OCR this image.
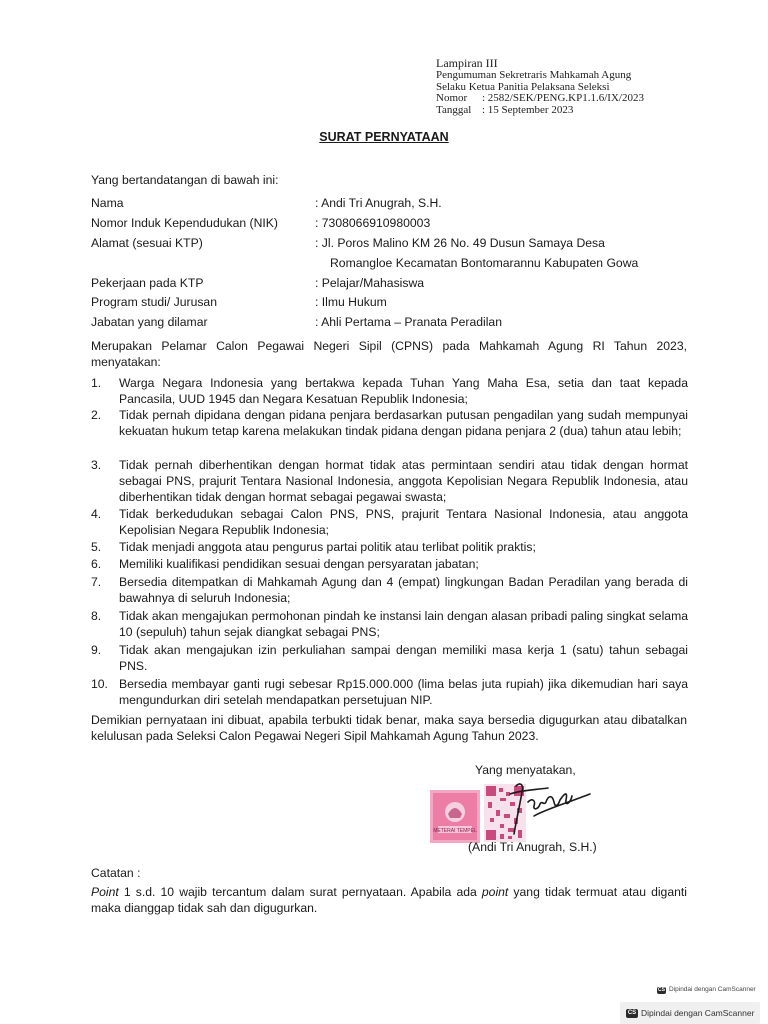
Lampiran III
Pengumuman Sekretraris Mahkamah Agung
Selaku Ketua Panitia Pelaksana Seleksi
Nomor	: 2582/SEK/PENG.KP1.1.6/IX/2023
Tanggal	: 15 September 2023
SURAT PERNYATAAN
Yang bertandatangan di bawah ini:
Nama	: Andi Tri Anugrah, S.H.
Nomor Induk Kependudukan (NIK)	: 7308066910980003
Alamat (sesuai KTP)	: Jl. Poros Malino KM 26 No. 49 Dusun Samaya Desa
Romangloe Kecamatan Bontomarannu Kabupaten Gowa
Pekerjaan pada KTP	: Pelajar/Mahasiswa
Program studi/ Jurusan	: Ilmu Hukum
Jabatan yang dilamar	: Ahli Pertama – Pranata Peradilan
Merupakan Pelamar Calon Pegawai Negeri Sipil (CPNS) pada Mahkamah Agung RI Tahun 2023, menyatakan:
1. Warga Negara Indonesia yang bertakwa kepada Tuhan Yang Maha Esa, setia dan taat kepada Pancasila, UUD 1945 dan Negara Kesatuan Republik Indonesia;
2. Tidak pernah dipidana dengan pidana penjara berdasarkan putusan pengadilan yang sudah mempunyai kekuatan hukum tetap karena melakukan tindak pidana dengan pidana penjara 2 (dua) tahun atau lebih;
3. Tidak pernah diberhentikan dengan hormat tidak atas permintaan sendiri atau tidak dengan hormat sebagai PNS, prajurit Tentara Nasional Indonesia, anggota Kepolisian Negara Republik Indonesia, atau diberhentikan tidak dengan hormat sebagai pegawai swasta;
4. Tidak berkedudukan sebagai Calon PNS, PNS, prajurit Tentara Nasional Indonesia, atau anggota Kepolisian Negara Republik Indonesia;
5. Tidak menjadi anggota atau pengurus partai politik atau terlibat politik praktis;
6. Memiliki kualifikasi pendidikan sesuai dengan persyaratan jabatan;
7. Bersedia ditempatkan di Mahkamah Agung dan 4 (empat) lingkungan Badan Peradilan yang berada di bawahnya di seluruh Indonesia;
8. Tidak akan mengajukan permohonan pindah ke instansi lain dengan alasan pribadi paling singkat selama 10 (sepuluh) tahun sejak diangkat sebagai PNS;
9. Tidak akan mengajukan izin perkuliahan sampai dengan memiliki masa kerja 1 (satu) tahun sebagai PNS.
10. Bersedia membayar ganti rugi sebesar Rp15.000.000 (lima belas juta rupiah) jika dikemudian hari saya mengundurkan diri setelah mendapatkan persetujuan NIP.
Demikian pernyataan ini dibuat, apabila terbukti tidak benar, maka saya bersedia digugurkan atau dibatalkan kelulusan pada Seleksi Calon Pegawai Negeri Sipil Mahkamah Agung Tahun 2023.
Yang menyatakan,
METERAI TEMPEL
(Andi Tri Anugrah, S.H.)
Catatan :
Point 1 s.d. 10 wajib tercantum dalam surat pernyataan. Apabila ada point yang tidak termuat atau diganti maka dianggap tidak sah dan digugurkan.
CS Dipindai dengan CamScanner
CS Dipindai dengan CamScanner
